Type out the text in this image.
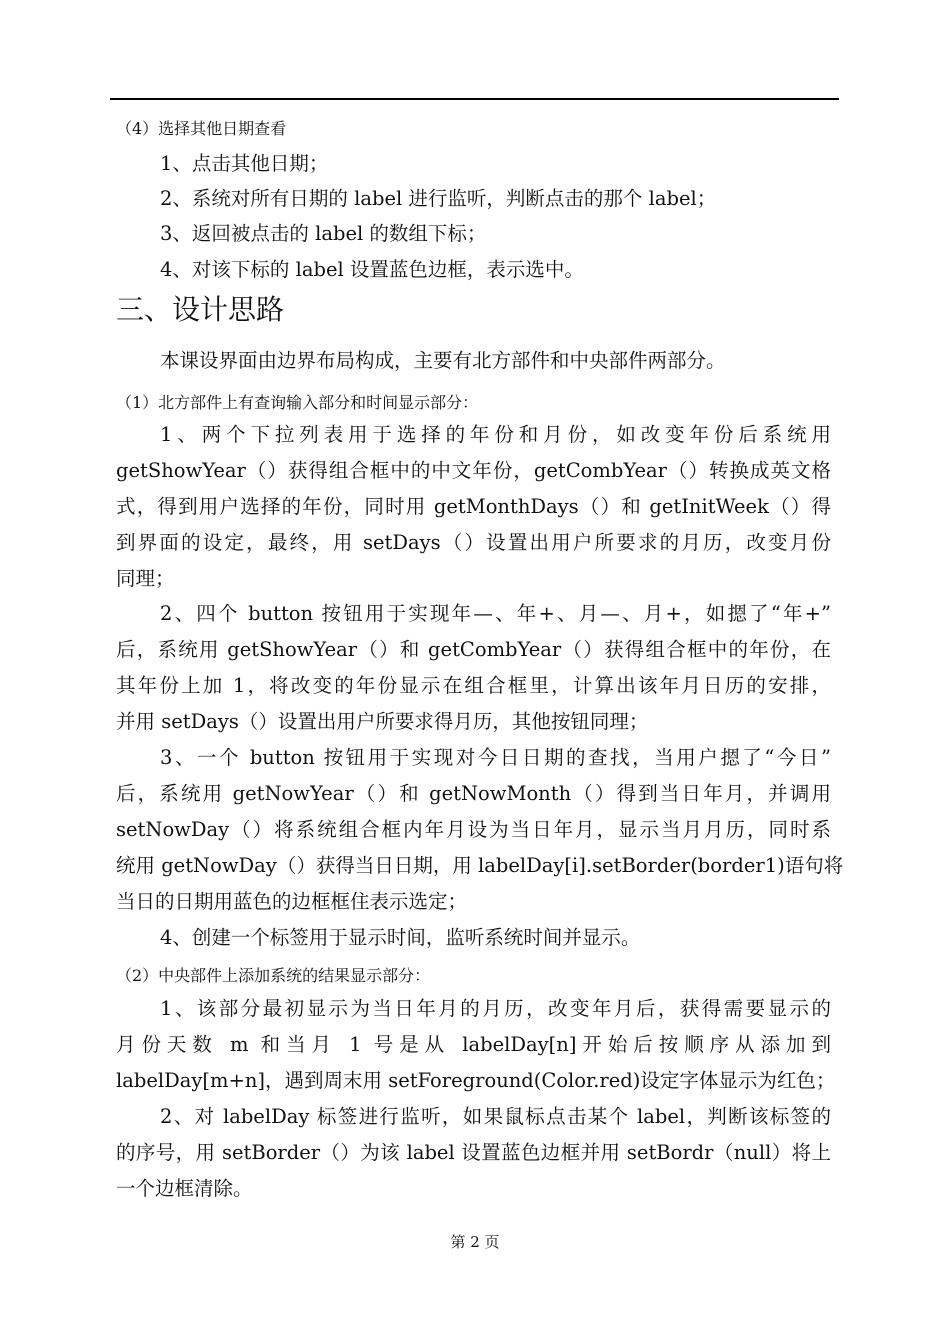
（4）选择其他日期查看
1、点击其他日期；
2、系统对所有日期的 label 进行监听，判断点击的那个 label；
3、返回被点击的 label 的数组下标；
4、对该下标的 label 设置蓝色边框，表示选中。
三、设计思路
本课设界面由边界布局构成，主要有北方部件和中央部件两部分。
（1）北方部件上有查询输入部分和时间显示部分：
1、两个下拉列表用于选择的年份和月份，如改变年份后系统用
getShowYear（）获得组合框中的中文年份，getCombYear（）转换成英文格
式，得到用户选择的年份，同时用 getMonthDays（）和 getInitWeek（）得
到界面的设定，最终，用 setDays（）设置出用户所要求的月历，改变月份
同理；
2、四个 button 按钮用于实现年—、年+、月—、月+，如摁了“年+”
后，系统用 getShowYear（）和 getCombYear（）获得组合框中的年份，在
其年份上加 1，将改变的年份显示在组合框里，计算出该年月日历的安排，
并用 setDays（）设置出用户所要求得月历，其他按钮同理；
3、一个 button 按钮用于实现对今日日期的查找，当用户摁了“今日”
后，系统用 getNowYear（）和 getNowMonth（）得到当日年月，并调用
setNowDay（）将系统组合框内年月设为当日年月，显示当月月历，同时系
统用 getNowDay（）获得当日日期，用 labelDay[i].setBorder(border1)语句将
当日的日期用蓝色的边框框住表示选定；
4、创建一个标签用于显示时间，监听系统时间并显示。
（2）中央部件上添加系统的结果显示部分：
1、该部分最初显示为当日年月的月历，改变年月后，获得需要显示的
月份天数 m 和当月 1 号是从 labelDay[n]开始后按顺序从添加到
labelDay[m+n]，遇到周末用 setForeground(Color.red)设定字体显示为红色；
2、对 labelDay 标签进行监听，如果鼠标点击某个 label，判断该标签的
的序号，用 setBorder（）为该 label 设置蓝色边框并用 setBordr（null）将上
一个边框清除。
第 2 页
